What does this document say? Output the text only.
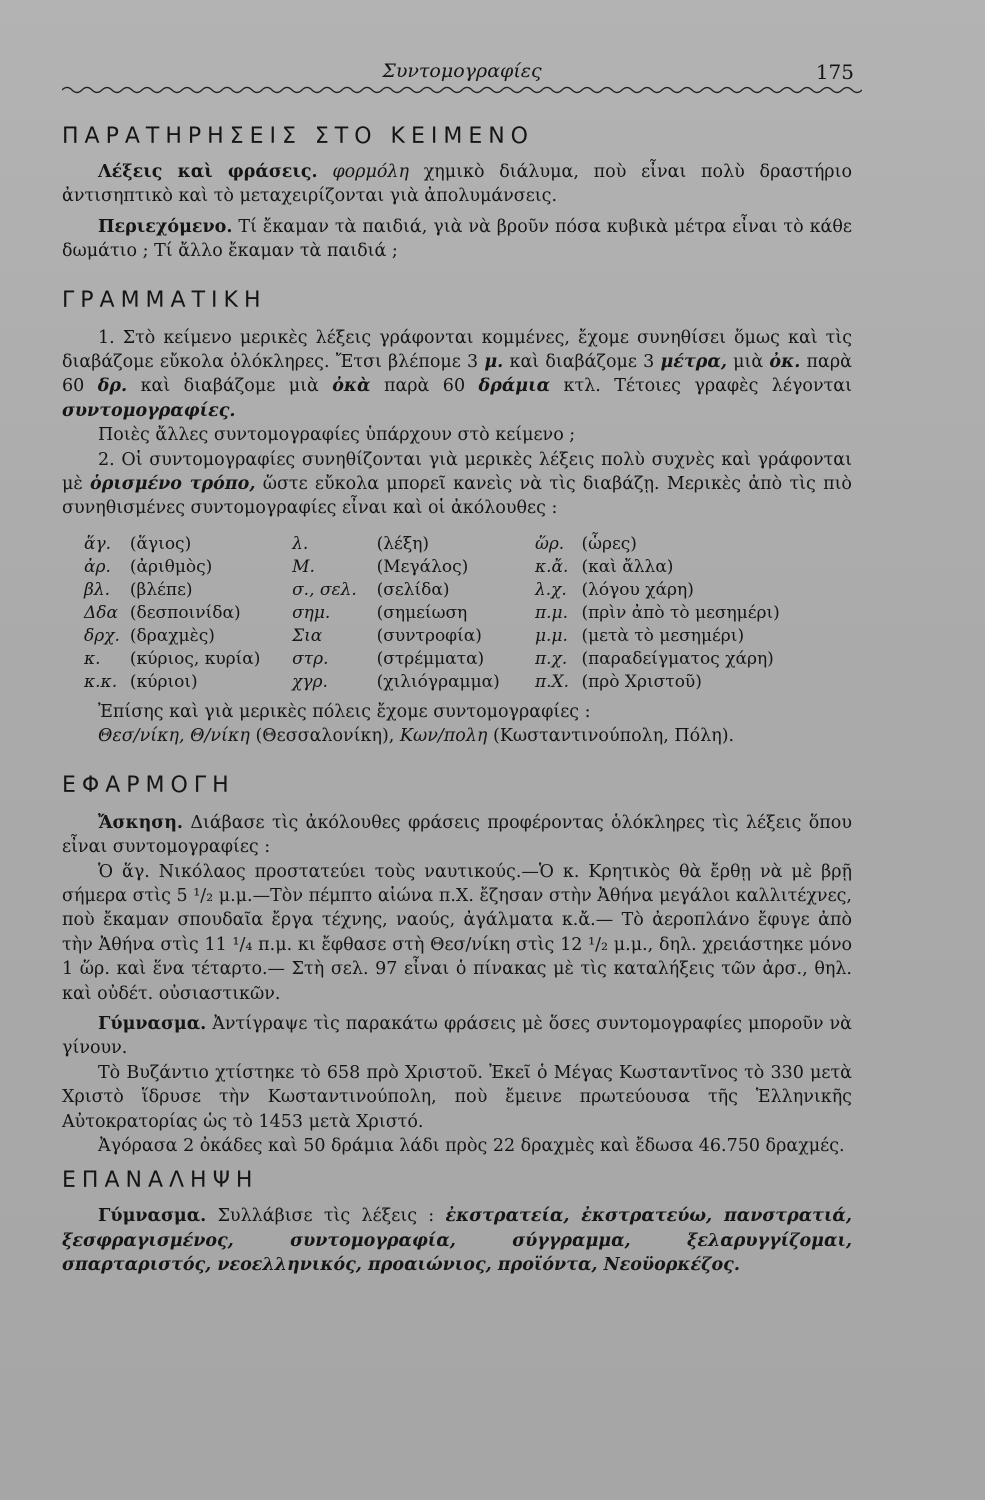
Συντομογραφίες	175

ΠΑΡΑΤΗΡΗΣΕΙΣ ΣΤΟ ΚΕΙΜΕΝΟ

Λέξεις καὶ φράσεις. φορμόλη χημικὸ διάλυμα, ποὺ εἶναι πολὺ δραστήριο ἀντισηπτικὸ καὶ τὸ μεταχειρίζονται γιὰ ἀπολυμάνσεις.

Περιεχόμενο. Τί ἔκαμαν τὰ παιδιά, γιὰ νὰ βροῦν πόσα κυβικὰ μέτρα εἶναι τὸ κάθε δωμάτιο ; Τί ἄλλο ἔκαμαν τὰ παιδιά ;

ΓΡΑΜΜΑΤΙΚΗ

1. Στὸ κείμενο μερικὲς λέξεις γράφονται κομμένες, ἔχομε συνηθίσει ὅμως καὶ τὶς διαβάζομε εὔκολα ὁλόκληρες. Ἔτσι βλέπομε 3 μ. καὶ διαβάζομε 3 μέτρα, μιὰ ὀκ. παρὰ 60 δρ. καὶ διαβάζομε μιὰ ὀκὰ παρὰ 60 δράμια κτλ. Τέτοιες γραφὲς λέγονται συντομογραφίες.

Ποιὲς ἄλλες συντομογραφίες ὑπάρχουν στὸ κείμενο ;

2. Οἱ συντομογραφίες συνηθίζονται γιὰ μερικὲς λέξεις πολὺ συχνὲς καὶ γράφονται μὲ ὁρισμένο τρόπο, ὥστε εὔκολα μπορεῖ κανεὶς νὰ τὶς διαβάζῃ. Μερικὲς ἀπὸ τὶς πιὸ συνηθισμένες συντομογραφίες εἶναι καὶ οἱ ἀκόλουθες :

ἅγ.	(ἅγιος)	λ.	(λέξη)	ὥρ.	(ὧρες)
ἀρ.	(ἀριθμὸς)	Μ.	(Μεγάλος)	κ.ἄ.	(καὶ ἄλλα)
βλ.	(βλέπε)	σ., σελ.	(σελίδα)	λ.χ.	(λόγου χάρη)
Δδα	(δεσποινίδα)	σημ.	(σημείωση	π.μ.	(πρὶν ἀπὸ τὸ μεσημέρι)
δρχ.	(δραχμὲς)	Σια	(συντροφία)	μ.μ.	(μετὰ τὸ μεσημέρι)
κ.	(κύριος, κυρία)	στρ.	(στρέμματα)	π.χ.	(παραδείγματος χάρη)
κ.κ.	(κύριοι)	χγρ.	(χιλιόγραμμα)	π.Χ.	(πρὸ Χριστοῦ)

Ἐπίσης καὶ γιὰ μερικὲς πόλεις ἔχομε συντομογραφίες :

Θεσ/νίκη, Θ/νίκη (Θεσσαλονίκη), Κων/πολη (Κωσταντινούπολη, Πόλη).

ΕΦΑΡΜΟΓΗ

Ἄσκηση. Διάβασε τὶς ἀκόλουθες φράσεις προφέροντας ὁλόκληρες τὶς λέξεις ὅπου εἶναι συντομογραφίες :

Ὁ ἅγ. Νικόλαος προστατεύει τοὺς ναυτικούς.—Ὁ κ. Κρητικὸς θὰ ἔρθῃ νὰ μὲ βρῇ σήμερα στὶς 5 ¹/₂ μ.μ.—Τὸν πέμπτο αἰώνα π.Χ. ἔζησαν στὴν Ἀθήνα μεγάλοι καλλιτέχνες, ποὺ ἔκαμαν σπουδαῖα ἔργα τέχνης, ναούς, ἀγάλματα κ.ἄ.— Τὸ ἀεροπλάνο ἔφυγε ἀπὸ τὴν Ἀθήνα στὶς 11 ¹/₄ π.μ. κι ἔφθασε στὴ Θεσ/νίκη στὶς 12 ¹/₂ μ.μ., δηλ. χρειάστηκε μόνο 1 ὥρ. καὶ ἕνα τέταρτο.— Στὴ σελ. 97 εἶναι ὁ πίνακας μὲ τὶς καταλήξεις τῶν ἀρσ., θηλ. καὶ οὐδέτ. οὐσιαστικῶν.

Γύμνασμα. Ἀντίγραψε τὶς παρακάτω φράσεις μὲ ὅσες συντομογραφίες μποροῦν νὰ γίνουν.

Τὸ Βυζάντιο χτίστηκε τὸ 658 πρὸ Χριστοῦ. Ἐκεῖ ὁ Μέγας Κωσταντῖνος τὸ 330 μετὰ Χριστὸ ἵδρυσε τὴν Κωσταντινούπολη, ποὺ ἔμεινε πρωτεύουσα τῆς Ἑλληνικῆς Αὐτοκρατορίας ὡς τὸ 1453 μετὰ Χριστό.

Ἀγόρασα 2 ὀκάδες καὶ 50 δράμια λάδι πρὸς 22 δραχμὲς καὶ ἔδωσα 46.750 δραχμές.

ΕΠΑΝΑΛΗΨΗ

Γύμνασμα. Συλλάβισε τὶς λέξεις : ἐκστρατεία, ἐκστρατεύω, πανστρατιά, ξεσφραγισμένος, συντομογραφία, σύγγραμμα, ξελαρυγγίζομαι, σπαρταριστός, νεοελληνικός, προαιώνιος, προϊόντα, Νεοϋορκέζος.
